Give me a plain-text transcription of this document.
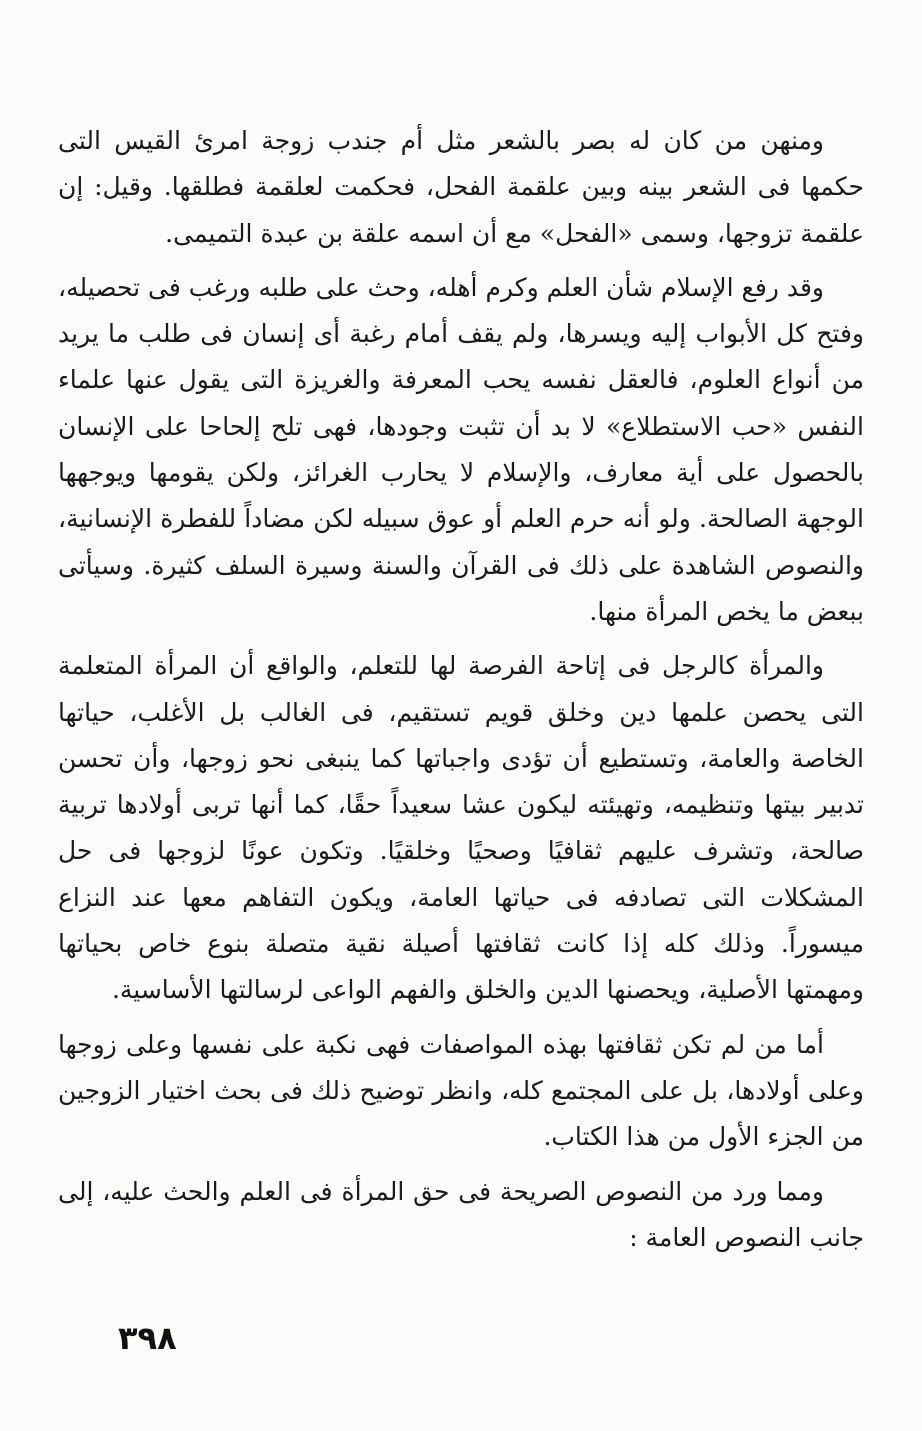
ومنهن من كان له بصر بالشعر مثل أم جندب زوجة امرئ القيس التى حكمها فى الشعر بينه وبين علقمة الفحل، فحكمت لعلقمة فطلقها. وقيل: إن علقمة تزوجها، وسمى «الفحل» مع أن اسمه علقة بن عبدة التميمى.

وقد رفع الإسلام شأن العلم وكرم أهله، وحث على طلبه ورغب فى تحصيله، وفتح كل الأبواب إليه ويسرها، ولم يقف أمام رغبة أى إنسان فى طلب ما يريد من أنواع العلوم، فالعقل نفسه يحب المعرفة والغريزة التى يقول عنها علماء النفس «حب الاستطلاع» لا بد أن تثبت وجودها، فهى تلح إلحاحا على الإنسان بالحصول على أية معارف، والإسلام لا يحارب الغرائز، ولكن يقومها ويوجهها الوجهة الصالحة. ولو أنه حرم العلم أو عوق سبيله لكن مضاداً للفطرة الإنسانية، والنصوص الشاهدة على ذلك فى القرآن والسنة وسيرة السلف كثيرة. وسيأتى ببعض ما يخص المرأة منها.

والمرأة كالرجل فى إتاحة الفرصة لها للتعلم، والواقع أن المرأة المتعلمة التى يحصن علمها دين وخلق قويم تستقيم، فى الغالب بل الأغلب، حياتها الخاصة والعامة، وتستطيع أن تؤدى واجباتها كما ينبغى نحو زوجها، وأن تحسن تدبير بيتها وتنظيمه، وتهيئته ليكون عشا سعيداً حقًا، كما أنها تربى أولادها تربية صالحة، وتشرف عليهم ثقافيًا وصحيًا وخلقيًا. وتكون عونًا لزوجها فى حل المشكلات التى تصادفه فى حياتها العامة، ويكون التفاهم معها عند النزاع ميسوراً. وذلك كله إذا كانت ثقافتها أصيلة نقية متصلة بنوع خاص بحياتها ومهمتها الأصلية، ويحصنها الدين والخلق والفهم الواعى لرسالتها الأساسية.

أما من لم تكن ثقافتها بهذه المواصفات فهى نكبة على نفسها وعلى زوجها وعلى أولادها، بل على المجتمع كله، وانظر توضيح ذلك فى بحث اختيار الزوجين من الجزء الأول من هذا الكتاب.

ومما ورد من النصوص الصريحة فى حق المرأة فى العلم والحث عليه، إلى جانب النصوص العامة :

٣٩٨
